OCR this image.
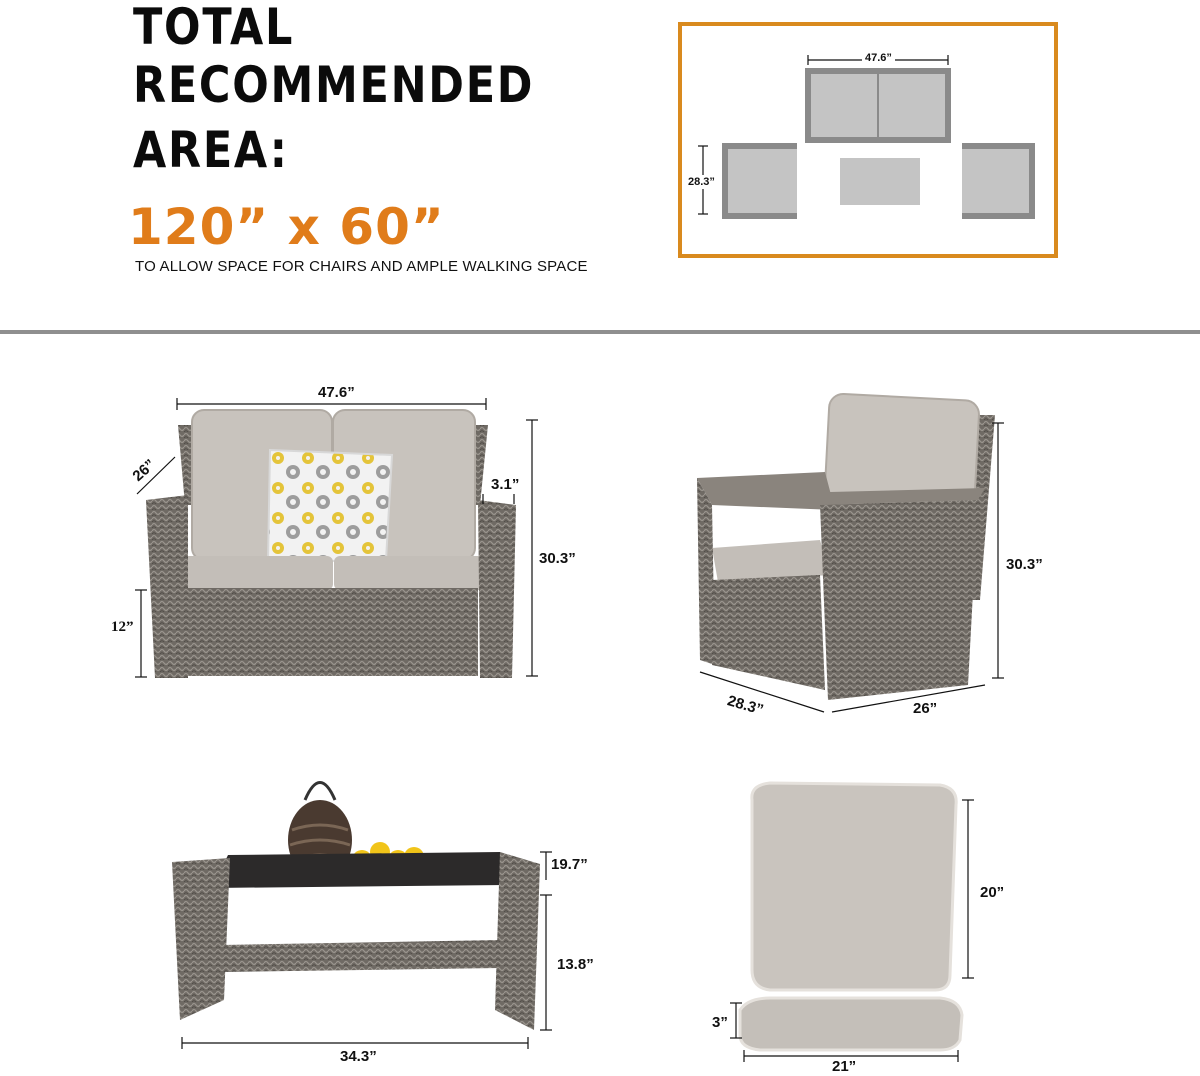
TOTAL
RECOMMENDED
AREA:
120” x 60”
TO ALLOW SPACE FOR CHAIRS AND AMPLE WALKING SPACE
47.6”
28.3”
47.6”
26”	3.1”
30.3”
12”
30.3”
28.3”	26”
19.7”
13.8”
34.3”
20”
3”
21”
